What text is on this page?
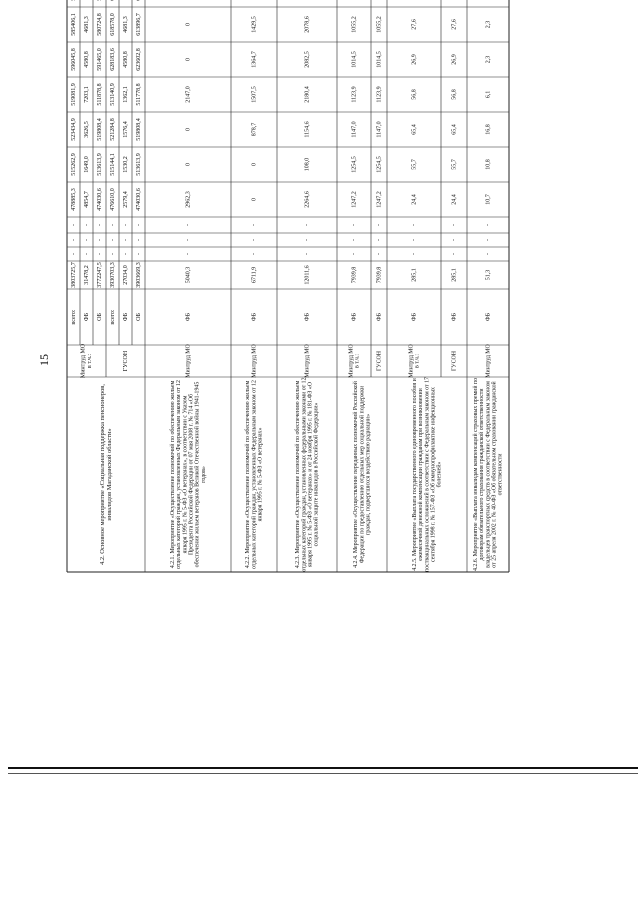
15
4.2. Основное мероприятие «Социальная поддержка пенсионеров, инвалидов Магаданской области»
Минтруд МО в т.ч.:	ГУСОН
всего:
3803725,7
-
-
-
478885,3
515262,9
523434,9
519081,9
596045,8
585406,1
ФБ
31478,2
-
-
-
4854,7
1649,0
3626,5
7203,1
4580,8
4681,3
ОБ
3772247,5
-
-
-
474030,6
513613,9
519808,4
511878,8
591465,0
580724,8
всего:
3930703,3
-
-
-
476610,0
515144,1
521284,8
513140,9
628183,6
618578,0
ФБ
27034,0
-
-
-
2579,4
1530,2
1576,4
1362,1
4580,8
4681,3
ОБ
3903669,3
-
-
-
474030,6
513613,9
519808,4
511778,8
623602,8
613896,7
4.2.1. Мероприятие «Осуществление полномочий по обеспечению жильем отдельных категорий граждан, установленных Федеральным законом от 12 января 1995 г. № 5-ФЗ «О ветеранах», в соответствии с Указом Президента Российской Федерации от 07 мая 2008 г. № 714 «Об обеспечении жильем ветеранов Великой Отечественной войны 1941-1945 годов»
Минтруд МО
ФБ
5040,3
-
-
-
2962,3
0
0
2147,0
0
0
4.2.2. Мероприятие «Осуществление полномочий по обеспечению жильем отдельных категорий граждан, установленных Федеральным законом от 12 января 1995 г. № 5-ФЗ «О ветеранах»
Минтруд МО
ФБ
6711,9
-
-
-
0
0
878,7
1507,5
1364,7
1429,5
4.2.3. Мероприятие «Осуществление полномочий по обеспечению жильем отдельных категорий граждан, установленных федеральными законами от 12 января 1995 г. № 5-ФЗ «О ветеранах» и от 24 ноября 1995 г. № 181-ФЗ «О социальной защите инвалидов в Российской Федерации»
Минтруд МО
ФБ
12011,6
-
-
-
2264,6
108,0
1154,6
2180,4
2082,5
2078,6
4.2.4. Мероприятие «Осуществление переданных полномочий Российской Федерации по предоставлению отдельных мер социальной поддержки граждан, подвергшихся воздействию радиации»
Минтруд МО в т.ч.:
ФБ
7939,8
-
-
-
1247,2
1254,5
1147,0
1123,9
1014,5
1055,2
ГУСОН
ФБ
7939,8
-
-
-
1247,2
1254,5
1147,0
1123,9
1014,5
1055,2
4.2.5. Мероприятие «Выплата государственного единовременного пособия и ежемесячной денежной компенсации гражданам при возникновении поствакцинальных осложнений в соответствии с Федеральным законом от 17 сентября 1998 г. № 157-ФЗ «Об иммунопрофилактике инфекционных болезней»
Минтруд МО в т.ч.:
ФБ
285,1
-
-
-
24,4
55,7
65,4
56,8
26,9
27,6
ГУСОН
ФБ
285,1
-
-
-
24,4
55,7
65,4
56,8
26,9
27,6
4.2.6. Мероприятие «Выплата инвалидам компенсаций страховых премий по договорам обязательного страхования гражданской ответственности владельцев транспортных средств в соответствии с Федеральным законом от 25 апреля 2002 г. № 40-ФЗ «Об обязательном страховании гражданской ответственности
Минтруд МО
ФБ
51,3
-
-
-
10,7
10,8
16,8
6,1
2,3
2,3
